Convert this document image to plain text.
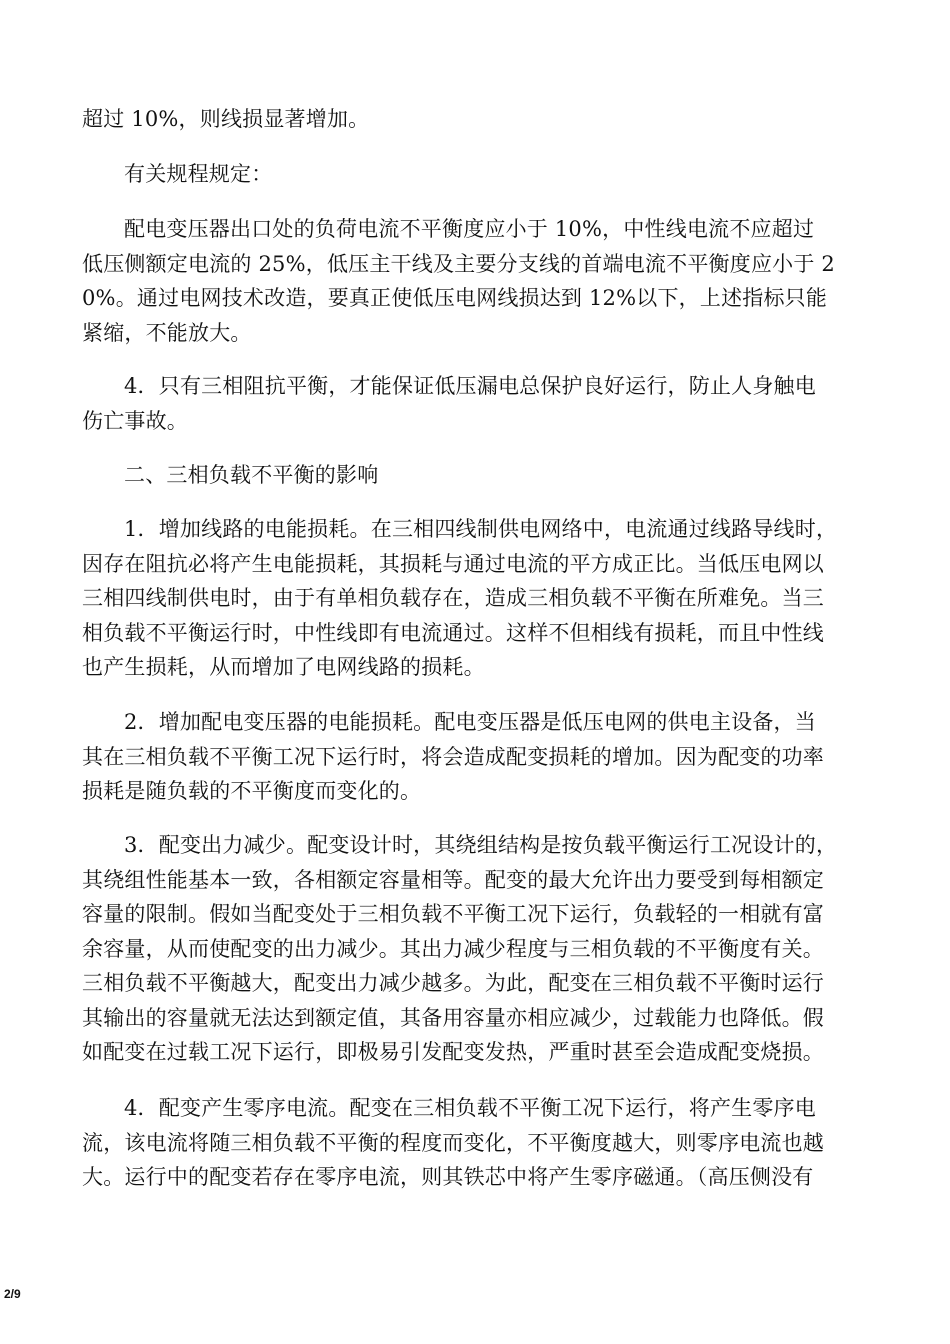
超过 10%，则线损显著增加。
有关规程规定：
配电变压器出口处的负荷电流不平衡度应小于 10%，中性线电流不应超过
低压侧额定电流的 25%，低压主干线及主要分支线的首端电流不平衡度应小于 2
0%。通过电网技术改造，要真正使低压电网线损达到 12%以下，上述指标只能
紧缩，不能放大。
4．只有三相阻抗平衡，才能保证低压漏电总保护良好运行，防止人身触电
伤亡事故。
二、三相负载不平衡的影响
1．增加线路的电能损耗。在三相四线制供电网络中，电流通过线路导线时，
因存在阻抗必将产生电能损耗，其损耗与通过电流的平方成正比。当低压电网以
三相四线制供电时，由于有单相负载存在，造成三相负载不平衡在所难免。当三
相负载不平衡运行时，中性线即有电流通过。这样不但相线有损耗，而且中性线
也产生损耗，从而增加了电网线路的损耗。
2．增加配电变压器的电能损耗。配电变压器是低压电网的供电主设备，当
其在三相负载不平衡工况下运行时，将会造成配变损耗的增加。因为配变的功率
损耗是随负载的不平衡度而变化的。
3．配变出力减少。配变设计时，其绕组结构是按负载平衡运行工况设计的，
其绕组性能基本一致，各相额定容量相等。配变的最大允许出力要受到每相额定
容量的限制。假如当配变处于三相负载不平衡工况下运行，负载轻的一相就有富
余容量，从而使配变的出力减少。其出力减少程度与三相负载的不平衡度有关。
三相负载不平衡越大，配变出力减少越多。为此，配变在三相负载不平衡时运行
其输出的容量就无法达到额定值，其备用容量亦相应减少，过载能力也降低。假
如配变在过载工况下运行，即极易引发配变发热，严重时甚至会造成配变烧损。
4．配变产生零序电流。配变在三相负载不平衡工况下运行，将产生零序电
流，该电流将随三相负载不平衡的程度而变化，不平衡度越大，则零序电流也越
大。运行中的配变若存在零序电流，则其铁芯中将产生零序磁通。（高压侧没有
2/9
